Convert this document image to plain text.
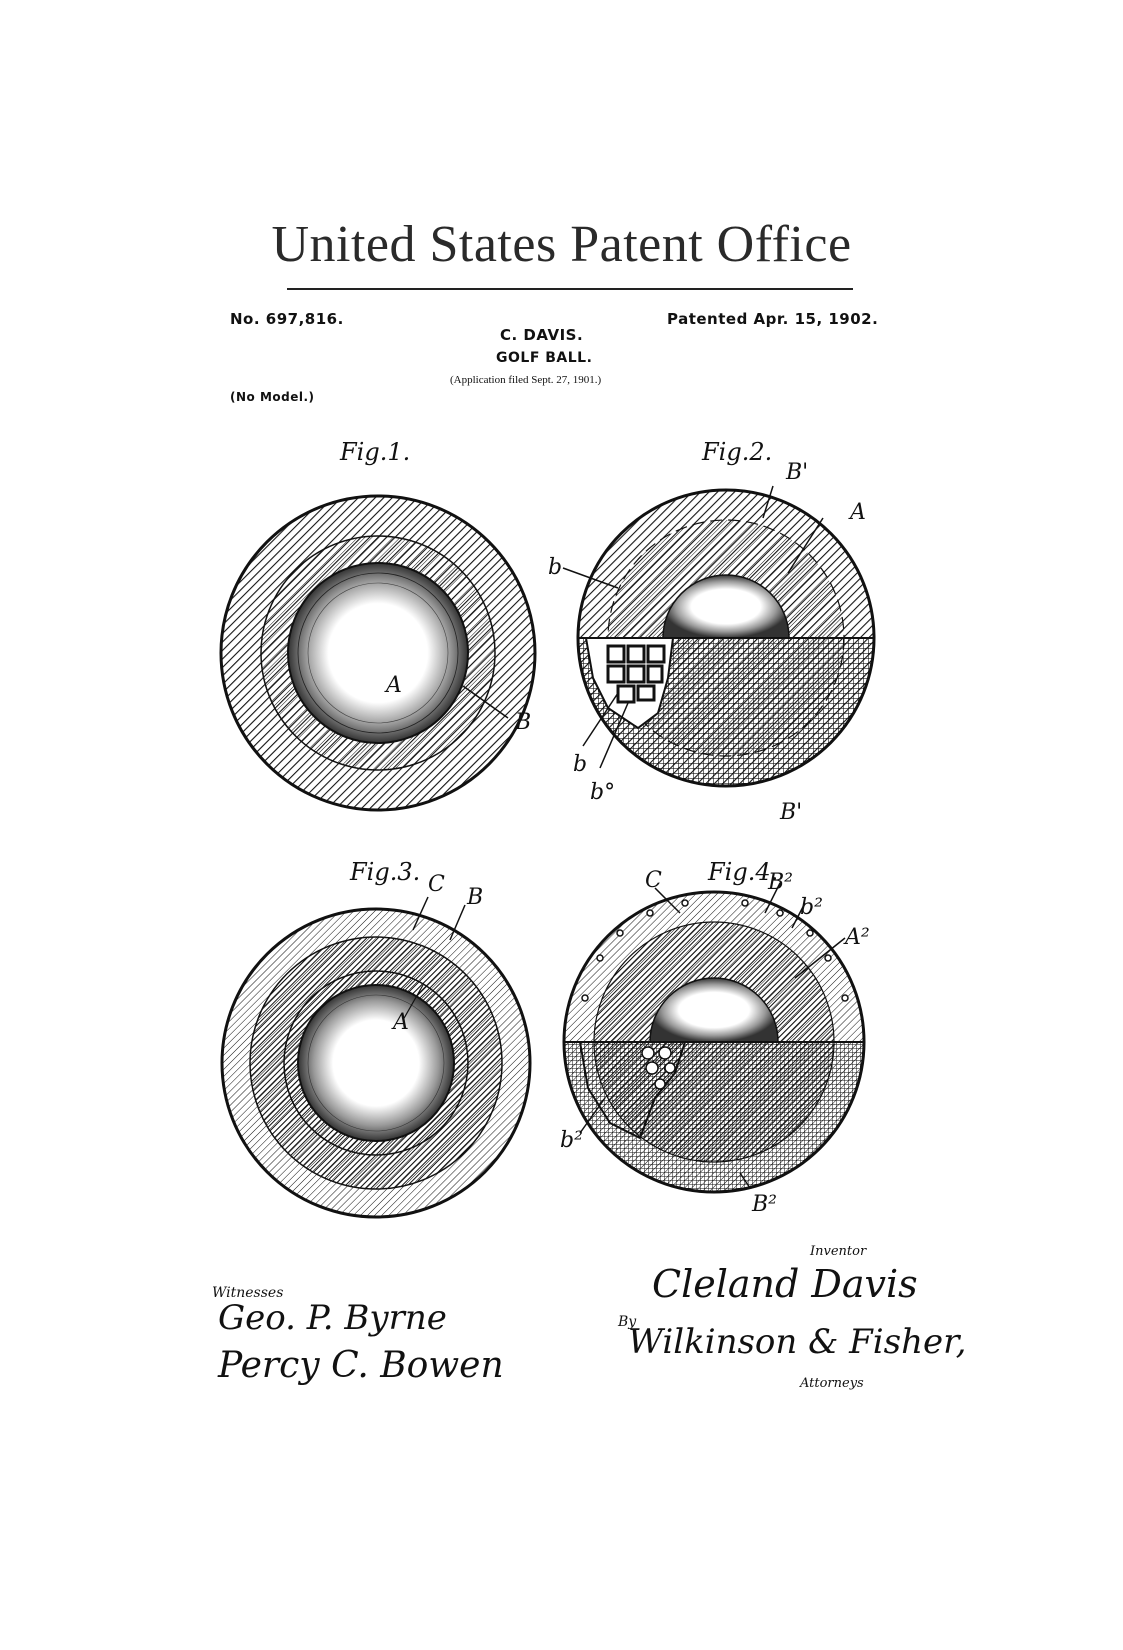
United States Patent Office
No. 697,816.	Patented Apr. 15, 1902.
C. DAVIS.
GOLF BALL.
(Application filed Sept. 27, 1901.)
(No Model.)
Fig.1.	Fig.2.
Fig.3.	Fig.4.
A
B
B'
A
b
b
b°
B'
C
B
A
C	B²
b²
A²
b²
B²
Witnesses
Geo. P. Byrne
Percy C. Bowen
Inventor
Cleland Davis
By
Wilkinson & Fisher,
Attorneys
